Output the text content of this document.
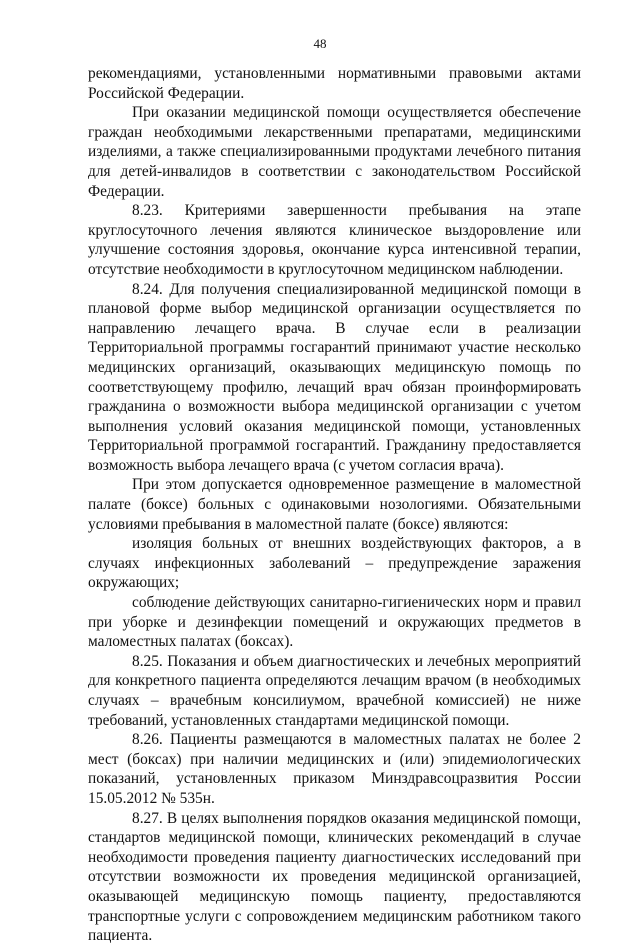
48

рекомендациями, установленными нормативными правовыми актами Российской Федерации.

При оказании медицинской помощи осуществляется обеспечение граждан необходимыми лекарственными препаратами, медицинскими изделиями, а также специализированными продуктами лечебного питания для детей-инвалидов в соответствии с законодательством Российской Федерации.

8.23. Критериями завершенности пребывания на этапе круглосуточного лечения являются клиническое выздоровление или улучшение состояния здоровья, окончание курса интенсивной терапии, отсутствие необходимости в круглосуточном медицинском наблюдении.

8.24. Для получения специализированной медицинской помощи в плановой форме выбор медицинской организации осуществляется по направлению лечащего врача. В случае если в реализации Территориальной программы госгарантий принимают участие несколько медицинских организаций, оказывающих медицинскую помощь по соответствующему профилю, лечащий врач обязан проинформировать гражданина о возможности выбора медицинской организации с учетом выполнения условий оказания медицинской помощи, установленных Территориальной программой госгарантий. Гражданину предоставляется возможность выбора лечащего врача (с учетом согласия врача).

При этом допускается одновременное размещение в маломестной палате (боксе) больных с одинаковыми нозологиями. Обязательными условиями пребывания в маломестной палате (боксе) являются:

изоляция больных от внешних воздействующих факторов, а в случаях инфекционных заболеваний – предупреждение заражения окружающих;

соблюдение действующих санитарно-гигиенических норм и правил при уборке и дезинфекции помещений и окружающих предметов в маломестных палатах (боксах).

8.25. Показания и объем диагностических и лечебных мероприятий для конкретного пациента определяются лечащим врачом (в необходимых случаях – врачебным консилиумом, врачебной комиссией) не ниже требований, установленных стандартами медицинской помощи.

8.26. Пациенты размещаются в маломестных палатах не более 2 мест (боксах) при наличии медицинских и (или) эпидемиологических показаний, установленных приказом Минздравсоцразвития России 15.05.2012 № 535н.

8.27. В целях выполнения порядков оказания медицинской помощи, стандартов медицинской помощи, клинических рекомендаций в случае необходимости проведения пациенту диагностических исследований при отсутствии возможности их проведения медицинской организацией, оказывающей медицинскую помощь пациенту, предоставляются транспортные услуги с сопровождением медицинским работником такого пациента.
